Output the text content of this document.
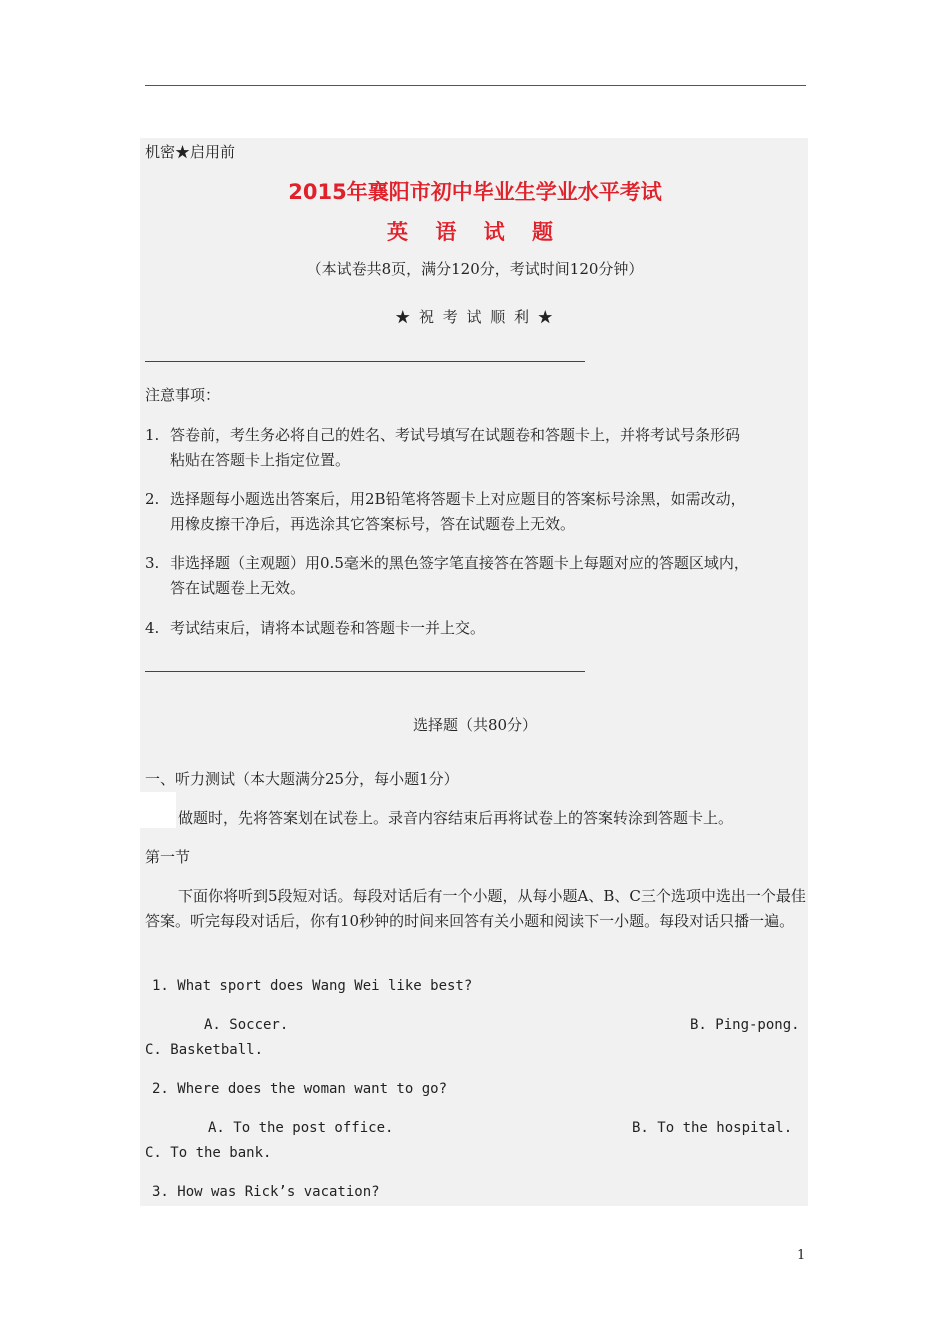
机密★启用前
2015年襄阳市初中毕业生学业水平考试
英 语 试 题
（本试卷共8页，满分120分，考试时间120分钟）
★ 祝 考 试 顺 利 ★
注意事项：
1. 答卷前，考生务必将自己的姓名、考试号填写在试题卷和答题卡上，并将考试号条形码
粘贴在答题卡上指定位置。
2. 选择题每小题选出答案后，用2B铅笔将答题卡上对应题目的答案标号涂黑，如需改动，
用橡皮擦干净后，再选涂其它答案标号，答在试题卷上无效。
3. 非选择题（主观题）用0.5毫米的黑色签字笔直接答在答题卡上每题对应的答题区域内，
答在试题卷上无效。
4. 考试结束后，请将本试题卷和答题卡一并上交。
选择题（共80分）
一、听力测试（本大题满分25分，每小题1分）
做题时，先将答案划在试卷上。录音内容结束后再将试卷上的答案转涂到答题卡上。
第一节
下面你将听到5段短对话。每段对话后有一个小题，从每小题A、B、C三个选项中选出一个最佳答案。听完每段对话后，你有10秒钟的时间来回答有关小题和阅读下一小题。每段对话只播一遍。
1. What sport does Wang Wei like best?
A. Soccer.	B. Ping-pong.
C. Basketball.
2. Where does the woman want to go?
A. To the post office.	B. To the hospital.
C. To the bank.
3. How was Rick’s vacation?
1
